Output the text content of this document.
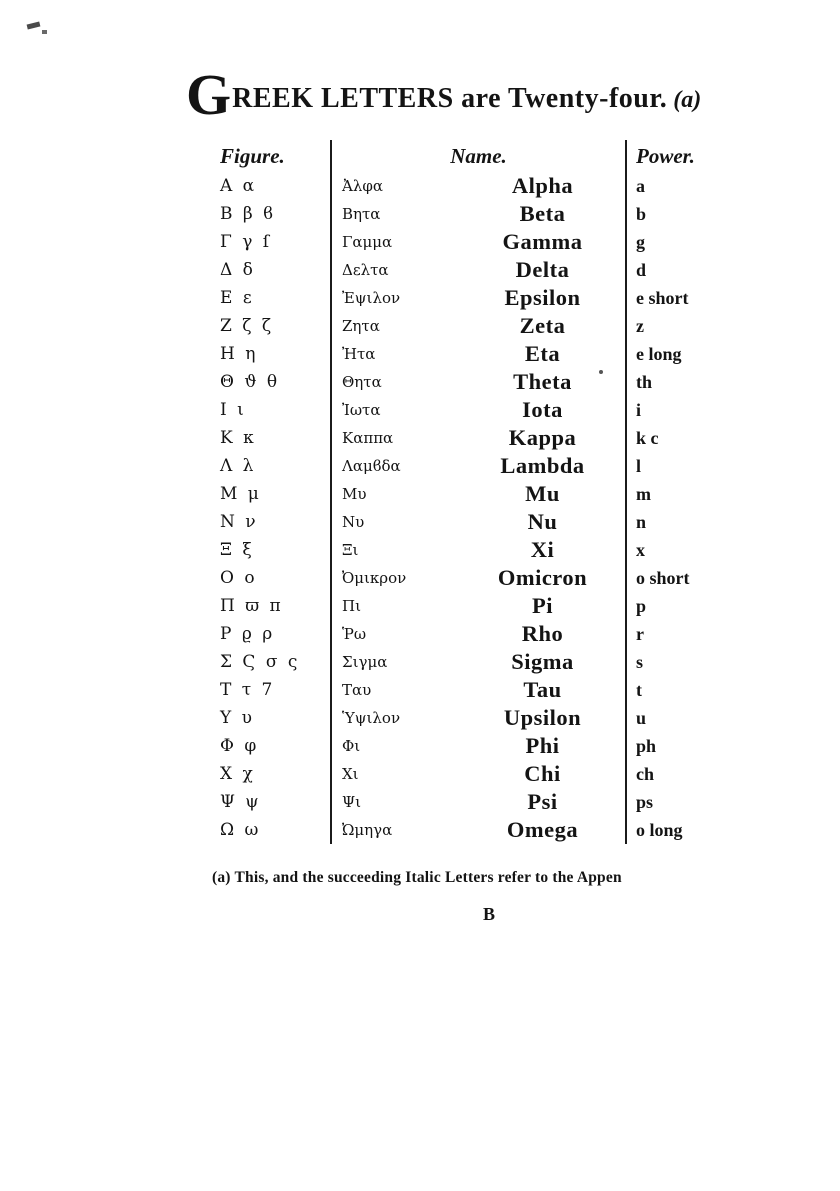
GREEK LETTERS are Twenty-four. (a)
Figure.	Name.	Power.
A α	Ἀλφα	Alpha	a
B β ϐ	Βητα	Beta	b
Γ γ ſ	Γαμμα	Gamma	g
Δ δ	Δελτα	Delta	d
E ε	Ἐψιλον	Epsilon	e short
Z ζ ζ	Ζητα	Zeta	z
H η	Ἠτα	Eta	e long
Θ ϑ θ	Θητα	Theta	th
I ι	Ἰωτα	Iota	i
K κ	Καππα	Kappa	k c
Λ λ	Λαμϐδα	Lambda	l
M μ	Μυ	Mu	m
N ν	Νυ	Nu	n
Ξ ξ	Ξι	Xi	x
O o	Ὀμικρον	Omicron	o short
Π ϖ π	Πι	Pi	p
P ϱ ρ	Ῥω	Rho	r
Σ Ϛ σ ς	Σιγμα	Sigma	s
T τ 7	Ταυ	Tau	t
Υ υ	Ὑψιλον	Upsilon	u
Φ φ	Φι	Phi	ph
X χ	Χι	Chi	ch
Ψ ψ	Ψι	Psi	ps
Ω ω	Ὠμηγα	Omega	o long
(a) This, and the succeeding Italic Letters refer to the Appen
B
